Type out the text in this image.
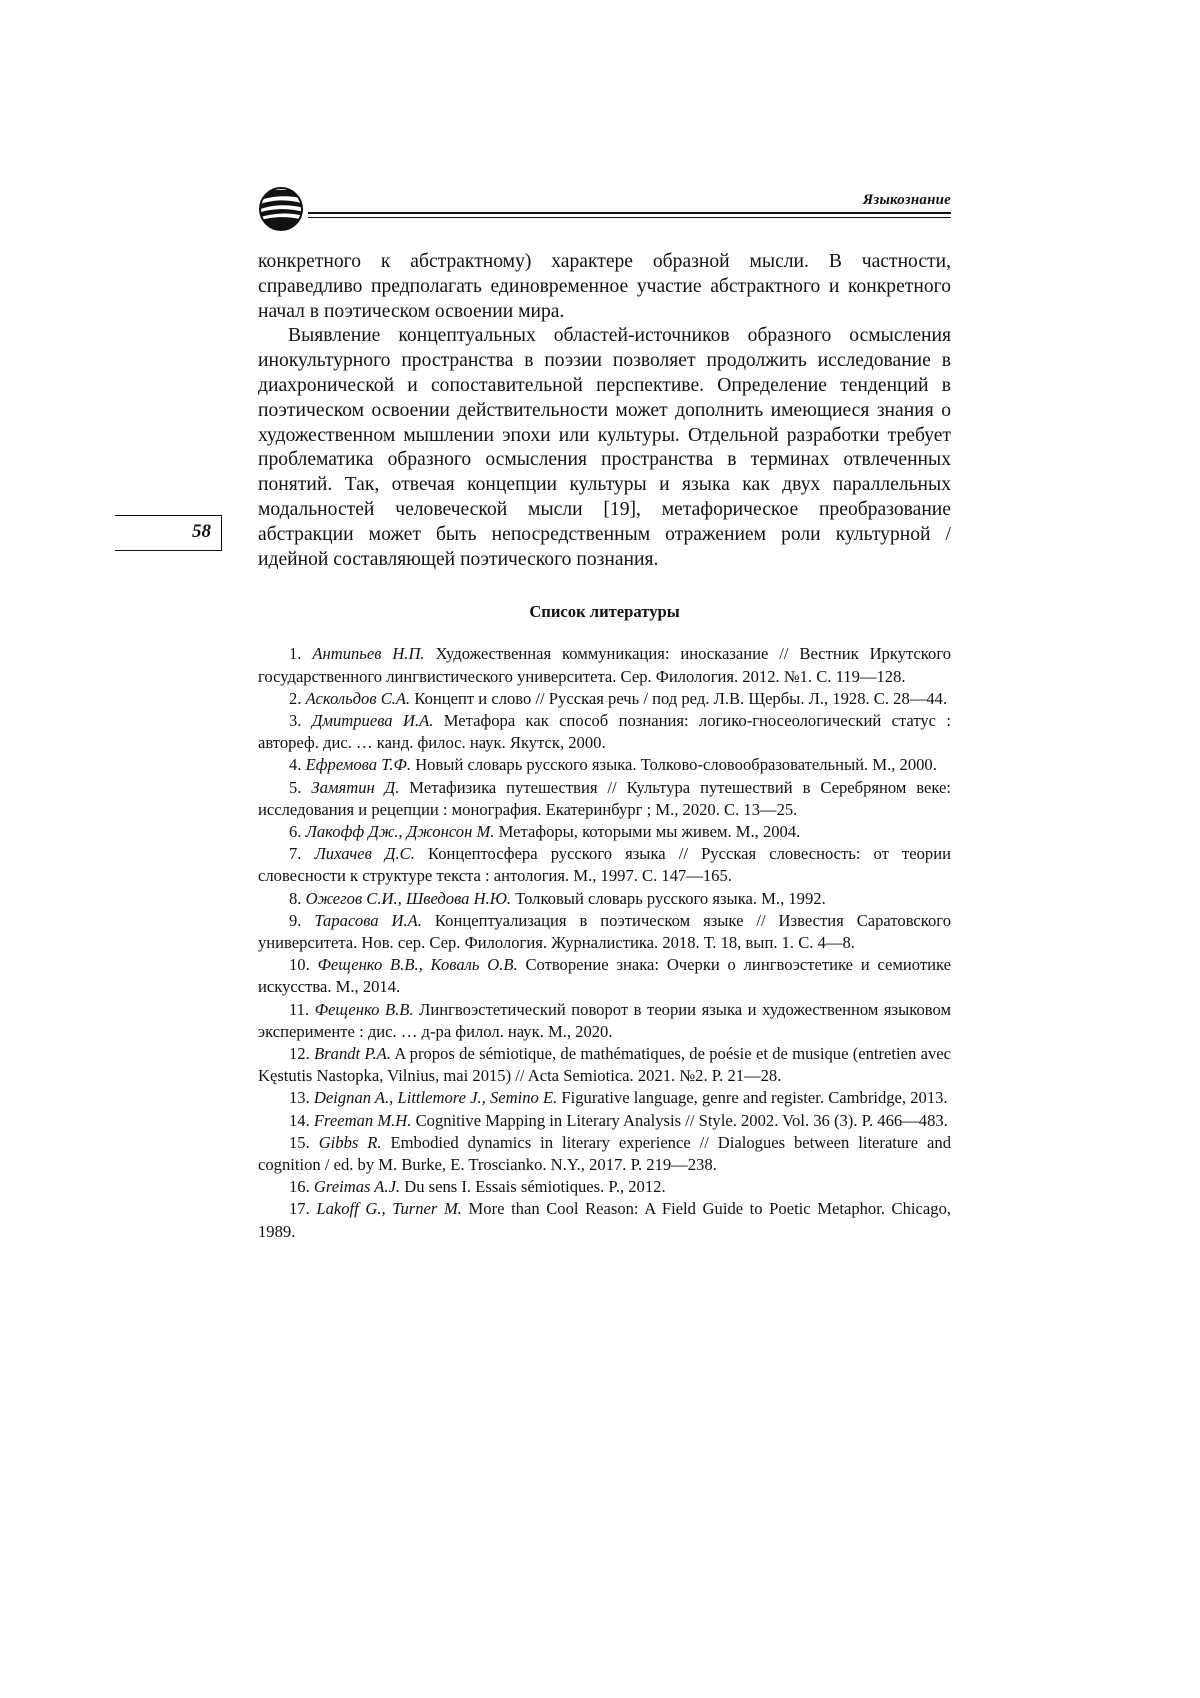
Языкознание
58

конкретного к абстрактному) характере образной мысли. В частности, справедливо предполагать единовременное участие абстрактного и конкретного начал в поэтическом освоении мира.

Выявление концептуальных областей-источников образного осмысления инокультурного пространства в поэзии позволяет продолжить исследование в диахронической и сопоставительной перспективе. Определение тенденций в поэтическом освоении действительности может дополнить имеющиеся знания о художественном мышлении эпохи или культуры. Отдельной разработки требует проблематика образного осмысления пространства в терминах отвлеченных понятий. Так, отвечая концепции культуры и языка как двух параллельных модальностей человеческой мысли [19], метафорическое преобразование абстракции может быть непосредственным отражением роли культурной / идейной составляющей поэтического познания.

Список литературы
1. Антипьев Н.П. Художественная коммуникация: иносказание // Вестник Иркутского государственного лингвистического университета. Сер. Филология. 2012. №1. С. 119—128.
2. Аскольдов С.А. Концепт и слово // Русская речь / под ред. Л.В. Щербы. Л., 1928. С. 28—44.
3. Дмитриева И.А. Метафора как способ познания: логико-гносеологический статус : автореф. дис. … канд. филос. наук. Якутск, 2000.
4. Ефремова Т.Ф. Новый словарь русского языка. Толково-словообразовательный. М., 2000.
5. Замятин Д. Метафизика путешествия // Культура путешествий в Серебряном веке: исследования и рецепции : монография. Екатеринбург ; М., 2020. С. 13—25.
6. Лакофф Дж., Джонсон М. Метафоры, которыми мы живем. М., 2004.
7. Лихачев Д.С. Концептосфера русского языка // Русская словесность: от теории словесности к структуре текста : антология. М., 1997. С. 147—165.
8. Ожегов С.И., Шведова Н.Ю. Толковый словарь русского языка. М., 1992.
9. Тарасова И.А. Концептуализация в поэтическом языке // Известия Саратовского университета. Нов. сер. Сер. Филология. Журналистика. 2018. Т. 18, вып. 1. С. 4—8.
10. Фещенко В.В., Коваль О.В. Сотворение знака: Очерки о лингвоэстетике и семиотике искусства. М., 2014.
11. Фещенко В.В. Лингвоэстетический поворот в теории языка и художественном языковом эксперименте : дис. … д-ра филол. наук. М., 2020.
12. Brandt P.A. A propos de sémiotique, de mathématiques, de poésie et de musique (entretien avec Kęstutis Nastopka, Vilnius, mai 2015) // Acta Semiotica. 2021. №2. P. 21—28.
13. Deignan A., Littlemore J., Semino E. Figurative language, genre and register. Cambridge, 2013.
14. Freeman M.H. Cognitive Mapping in Literary Analysis // Style. 2002. Vol. 36 (3). P. 466—483.
15. Gibbs R. Embodied dynamics in literary experience // Dialogues between literature and cognition / ed. by M. Burke, E. Troscianko. N.Y., 2017. P. 219—238.
16. Greimas A.J. Du sens I. Essais sémiotiques. P., 2012.
17. Lakoff G., Turner M. More than Cool Reason: A Field Guide to Poetic Metaphor. Chicago, 1989.
